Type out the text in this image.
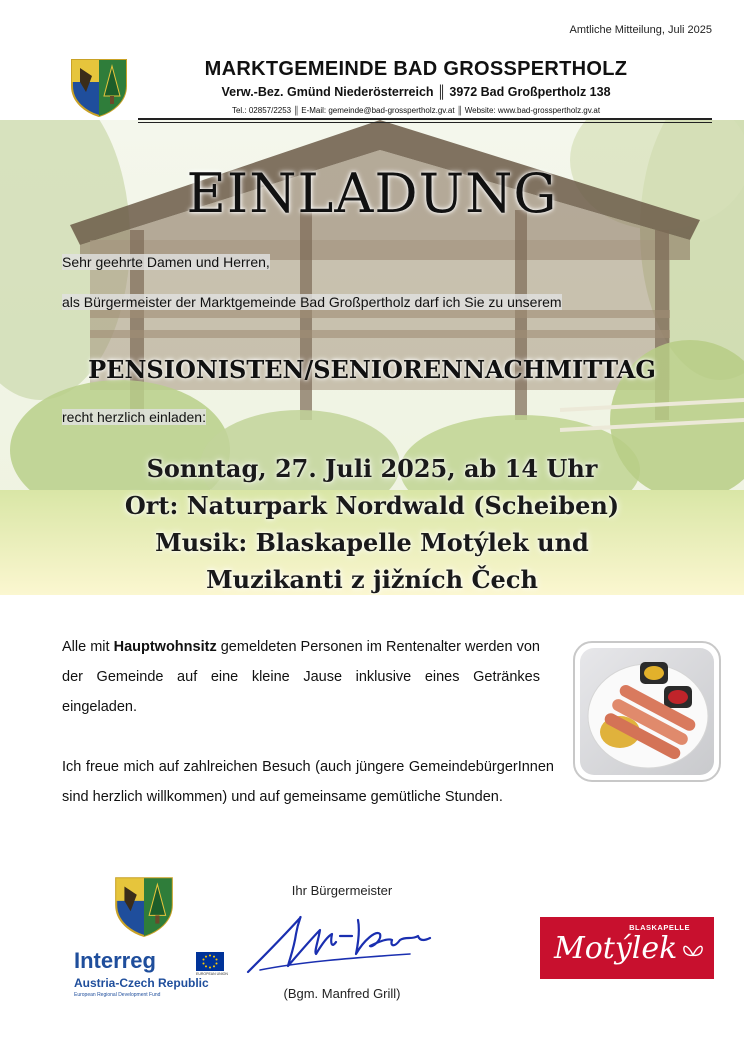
Amtliche Mitteilung, Juli 2025
MARKTGEMEINDE BAD GROSSPERTHOLZ
Verw.-Bez. Gmünd Niederösterreich ║ 3972 Bad Großpertholz 138
Tel.: 02857/2253 ║ E-Mail: gemeinde@bad-grosspertholz.gv.at ║ Website: www.bad-grosspertholz.gv.at
EINLADUNG
Sehr geehrte Damen und Herren,
als Bürgermeister der Marktgemeinde Bad Großpertholz darf ich Sie zu unserem
PENSIONISTEN/SENIORENNACHMITTAG
recht herzlich einladen:
Sonntag, 27. Juli 2025, ab 14 Uhr
Ort: Naturpark Nordwald (Scheiben)
Musik: Blaskapelle Motýlek und
Muzikanti z jižních Čech
Alle mit Hauptwohnsitz gemeldeten Personen im Rentenalter werden von der Gemeinde auf eine kleine Jause inklusive eines Getränkes eingeladen.
Ich freue mich auf zahlreichen Besuch (auch jüngere GemeindebürgerInnen sind herzlich willkommen) und auf gemeinsame gemütliche Stunden.
Interreg
EUROPEAN UNION
Austria-Czech Republic
European Regional Development Fund
Ihr Bürgermeister
(Bgm. Manfred Grill)
BLASKAPELLE
Motýlek
